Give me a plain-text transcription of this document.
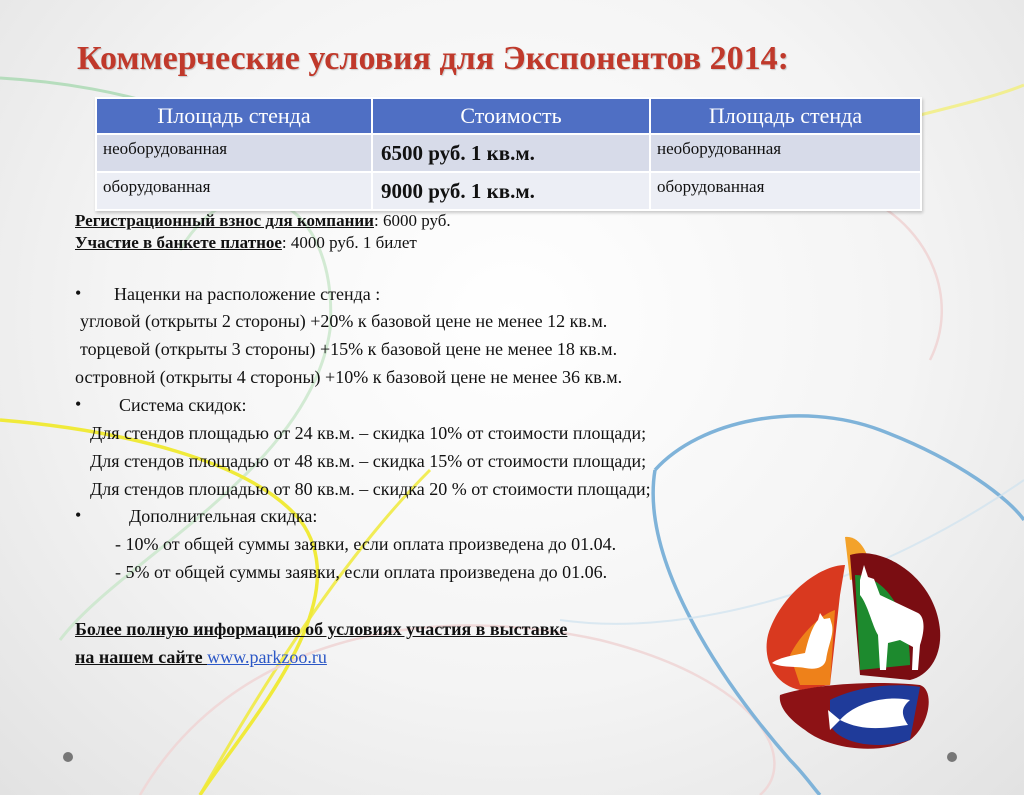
Коммерческие условия для Экспонентов 2014:
Площадь стенда	Стоимость	Площадь стенда
необорудованная	6500 руб. 1 кв.м.	необорудованная
оборудованная	9000 руб. 1 кв.м.	оборудованная
Регистрационный взнос для компании: 6000 руб.
Участие в банкете платное: 4000 руб. 1 билет
• Наценки на расположение стенда :
угловой (открыты 2 стороны) +20% к базовой цене не менее 12 кв.м.
торцевой (открыты 3 стороны) +15% к базовой цене не менее 18 кв.м.
островной (открыты 4 стороны) +10% к базовой цене не менее 36 кв.м.
• Система скидок:
Для стендов площадью от 24 кв.м. – скидка 10% от стоимости площади;
Для стендов площадью от 48 кв.м. – скидка 15% от стоимости площади;
Для стендов площадью от 80 кв.м. – скидка 20 % от стоимости площади;
•	Дополнительная скидка:
- 10% от общей суммы заявки, если оплата произведена до 01.04.
- 5% от общей суммы заявки, если оплата произведена до 01.06.
Более полную информацию об условиях участия в выставке
на нашем сайте www.parkzoo.ru
